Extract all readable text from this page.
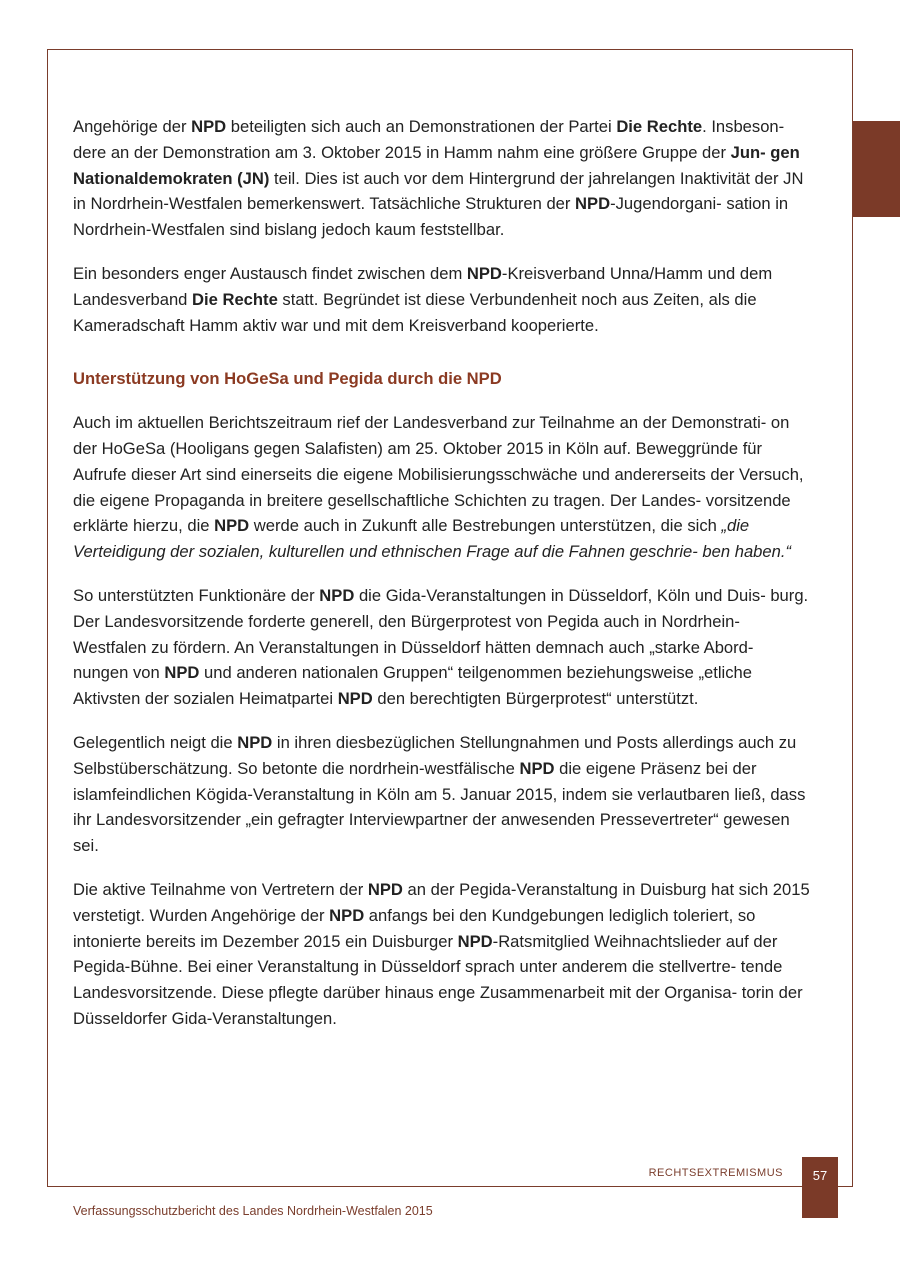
Angehörige der NPD beteiligten sich auch an Demonstrationen der Partei Die Rechte. Insbeson- dere an der Demonstration am 3. Oktober 2015 in Hamm nahm eine größere Gruppe der Jun- gen Nationaldemokraten (JN) teil. Dies ist auch vor dem Hintergrund der jahrelangen Inaktivität der JN in Nordrhein-Westfalen bemerkenswert. Tatsächliche Strukturen der NPD-Jugendorgani- sation in Nordrhein-Westfalen sind bislang jedoch kaum feststellbar.

Ein besonders enger Austausch findet zwischen dem NPD-Kreisverband Unna/Hamm und dem Landesverband Die Rechte statt. Begründet ist diese Verbundenheit noch aus Zeiten, als die Kameradschaft Hamm aktiv war und mit dem Kreisverband kooperierte.

Unterstützung von HoGeSa und Pegida durch die NPD

Auch im aktuellen Berichtszeitraum rief der Landesverband zur Teilnahme an der Demonstrati- on der HoGeSa (Hooligans gegen Salafisten) am 25. Oktober 2015 in Köln auf. Beweggründe für Aufrufe dieser Art sind einerseits die eigene Mobilisierungsschwäche und andererseits der Versuch, die eigene Propaganda in breitere gesellschaftliche Schichten zu tragen. Der Landes- vorsitzende erklärte hierzu, die NPD werde auch in Zukunft alle Bestrebungen unterstützen, die sich „die Verteidigung der sozialen, kulturellen und ethnischen Frage auf die Fahnen geschrie- ben haben.“

So unterstützten Funktionäre der NPD die Gida-Veranstaltungen in Düsseldorf, Köln und Duis- burg. Der Landesvorsitzende forderte generell, den Bürgerprotest von Pegida auch in Nordrhein- Westfalen zu fördern. An Veranstaltungen in Düsseldorf hätten demnach auch „starke Abord- nungen von NPD und anderen nationalen Gruppen“ teilgenommen beziehungsweise „etliche Aktivsten der sozialen Heimatpartei NPD den berechtigten Bürgerprotest“ unterstützt.

Gelegentlich neigt die NPD in ihren diesbezüglichen Stellungnahmen und Posts allerdings auch zu Selbstüberschätzung. So betonte die nordrhein-westfälische NPD die eigene Präsenz bei der islamfeindlichen Kögida-Veranstaltung in Köln am 5. Januar 2015, indem sie verlautbaren ließ, dass ihr Landesvorsitzender „ein gefragter Interviewpartner der anwesenden Pressevertreter“ gewesen sei.

Die aktive Teilnahme von Vertretern der NPD an der Pegida-Veranstaltung in Duisburg hat sich 2015 verstetigt. Wurden Angehörige der NPD anfangs bei den Kundgebungen lediglich toleriert, so intonierte bereits im Dezember 2015 ein Duisburger NPD-Ratsmitglied Weihnachtslieder auf der Pegida-Bühne. Bei einer Veranstaltung in Düsseldorf sprach unter anderem die stellvertre- tende Landesvorsitzende. Diese pflegte darüber hinaus enge Zusammenarbeit mit der Organisa- torin der Düsseldorfer Gida-Veranstaltungen.

RECHTSEXTREMISMUS	57
Verfassungsschutzbericht des Landes Nordrhein-Westfalen 2015
